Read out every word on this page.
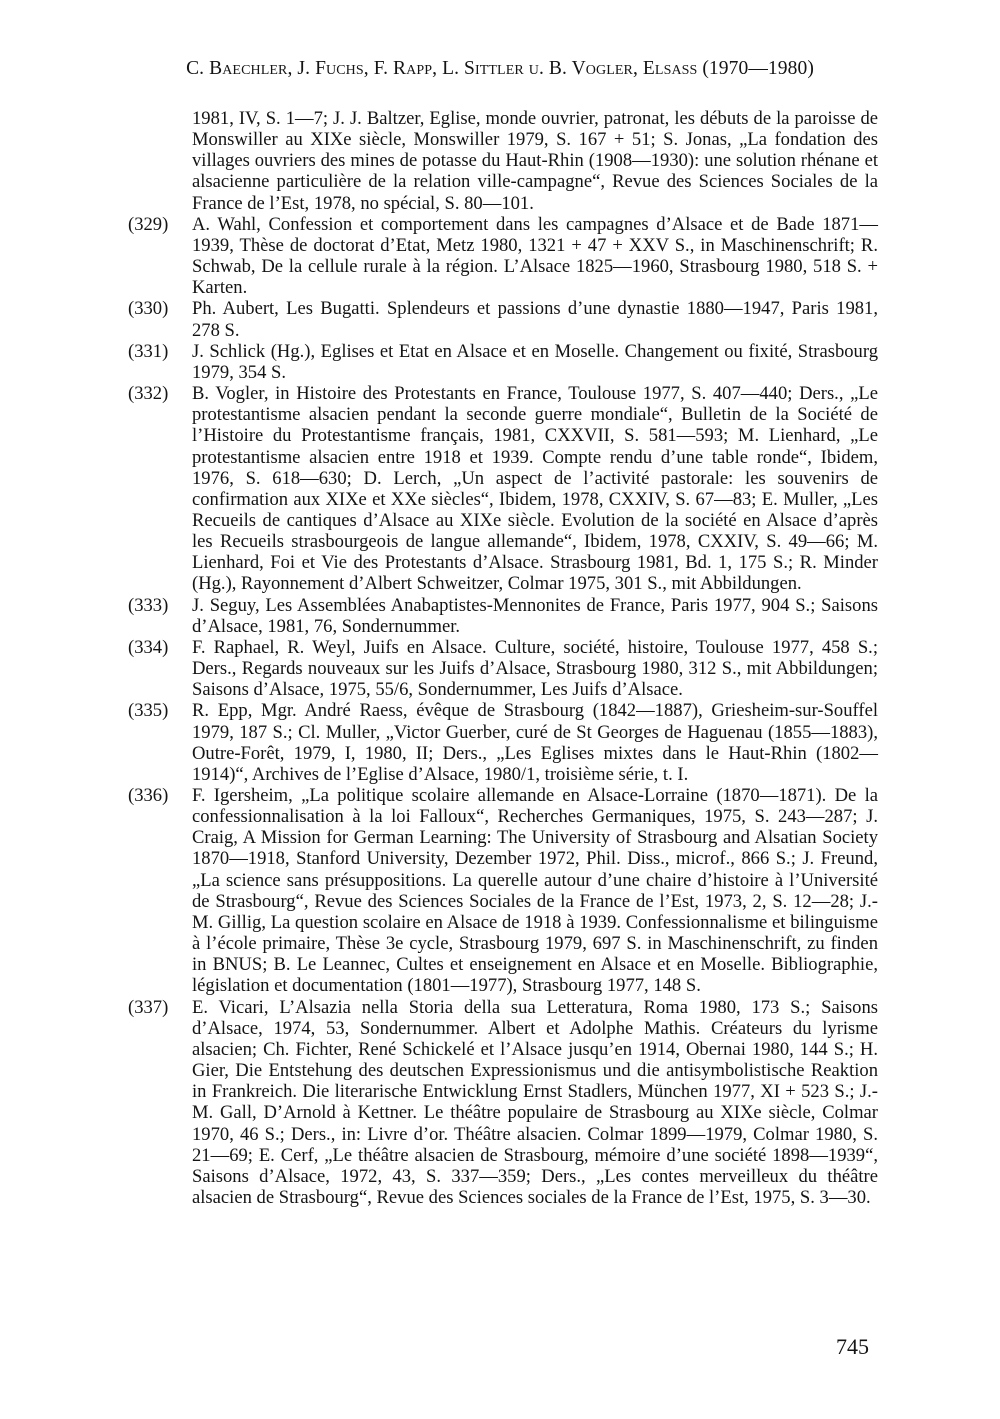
C. Baechler, J. Fuchs, F. Rapp, L. Sittler u. B. Vogler, Elsaß (1970—1980)

1981, IV, S. 1—7; J. J. Baltzer, Eglise, monde ouvrier, patronat, les débuts de la paroisse de Monswiller au XIXe siècle, Monswiller 1979, S. 167 + 51; S. Jonas, „La fondation des villages ouvriers des mines de potasse du Haut-Rhin (1908—1930): une solution rhénane et alsacienne particulière de la relation ville-campagne“, Revue des Sciences Sociales de la France de l’Est, 1978, no spécial, S. 80—101.

(329)	A. Wahl, Confession et comportement dans les campagnes d’Alsace et de Bade 1871—1939, Thèse de doctorat d’Etat, Metz 1980, 1321 + 47 + XXV S., in Maschinenschrift; R. Schwab, De la cellule rurale à la région. L’Alsace 1825—1960, Strasbourg 1980, 518 S. + Karten.
(330)	Ph. Aubert, Les Bugatti. Splendeurs et passions d’une dynastie 1880—1947, Paris 1981, 278 S.
(331)	J. Schlick (Hg.), Eglises et Etat en Alsace et en Moselle. Changement ou fixité, Strasbourg 1979, 354 S.
(332)	B. Vogler, in Histoire des Protestants en France, Toulouse 1977, S. 407—440; Ders., „Le protestantisme alsacien pendant la seconde guerre mondiale“, Bulletin de la Société de l’Histoire du Protestantisme français, 1981, CXXVII, S. 581—593; M. Lienhard, „Le protestantisme alsacien entre 1918 et 1939. Compte rendu d’une table ronde“, Ibidem, 1976, S. 618—630; D. Lerch, „Un aspect de l’activité pastorale: les souvenirs de confirmation aux XIXe et XXe siècles“, Ibidem, 1978, CXXIV, S. 67—83; E. Muller, „Les Recueils de cantiques d’Alsace au XIXe siècle. Evolution de la société en Alsace d’après les Recueils strasbourgeois de langue allemande“, Ibidem, 1978, CXXIV, S. 49—66; M. Lienhard, Foi et Vie des Protestants d’Alsace. Strasbourg 1981, Bd. 1, 175 S.; R. Minder (Hg.), Rayonnement d’Albert Schweitzer, Colmar 1975, 301 S., mit Abbildungen.
(333)	J. Seguy, Les Assemblées Anabaptistes-Mennonites de France, Paris 1977, 904 S.; Saisons d’Alsace, 1981, 76, Sondernummer.
(334)	F. Raphael, R. Weyl, Juifs en Alsace. Culture, société, histoire, Toulouse 1977, 458 S.; Ders., Regards nouveaux sur les Juifs d’Alsace, Strasbourg 1980, 312 S., mit Abbildungen; Saisons d’Alsace, 1975, 55/6, Sondernummer, Les Juifs d’Alsace.
(335)	R. Epp, Mgr. André Raess, évêque de Strasbourg (1842—1887), Griesheim-sur-Souffel 1979, 187 S.; Cl. Muller, „Victor Guerber, curé de St Georges de Haguenau (1855—1883), Outre-Forêt, 1979, I, 1980, II; Ders., „Les Eglises mixtes dans le Haut-Rhin (1802—1914)“, Archives de l’Eglise d’Alsace, 1980/1, troisième série, t. I.
(336)	F. Igersheim, „La politique scolaire allemande en Alsace-Lorraine (1870—1871). De la confessionnalisation à la loi Falloux“, Recherches Germaniques, 1975, S. 243—287; J. Craig, A Mission for German Learning: The University of Strasbourg and Alsatian Society 1870—1918, Stanford University, Dezember 1972, Phil. Diss., microf., 866 S.; J. Freund, „La science sans présuppositions. La querelle autour d’une chaire d’histoire à l’Université de Strasbourg“, Revue des Sciences Sociales de la France de l’Est, 1973, 2, S. 12—28; J.-M. Gillig, La question scolaire en Alsace de 1918 à 1939. Confessionnalisme et bilinguisme à l’école primaire, Thèse 3e cycle, Strasbourg 1979, 697 S. in Maschinenschrift, zu finden in BNUS; B. Le Leannec, Cultes et enseignement en Alsace et en Moselle. Bibliographie, législation et documentation (1801—1977), Strasbourg 1977, 148 S.
(337)	E. Vicari, L’Alsazia nella Storia della sua Letteratura, Roma 1980, 173 S.; Saisons d’Alsace, 1974, 53, Sondernummer. Albert et Adolphe Mathis. Créateurs du lyrisme alsacien; Ch. Fichter, René Schickelé et l’Alsace jusqu’en 1914, Obernai 1980, 144 S.; H. Gier, Die Entstehung des deutschen Expressionismus und die antisymbolistische Reaktion in Frankreich. Die literarische Entwicklung Ernst Stadlers, München 1977, XI + 523 S.; J.-M. Gall, D’Arnold à Kettner. Le théâtre populaire de Strasbourg au XIXe siècle, Colmar 1970, 46 S.; Ders., in: Livre d’or. Théâtre alsacien. Colmar 1899—1979, Colmar 1980, S. 21—69; E. Cerf, „Le théâtre alsacien de Strasbourg, mémoire d’une société 1898—1939“, Saisons d’Alsace, 1972, 43, S. 337—359; Ders., „Les contes merveilleux du théâtre alsacien de Strasbourg“, Revue des Sciences sociales de la France de l’Est, 1975, S. 3—30.
745
